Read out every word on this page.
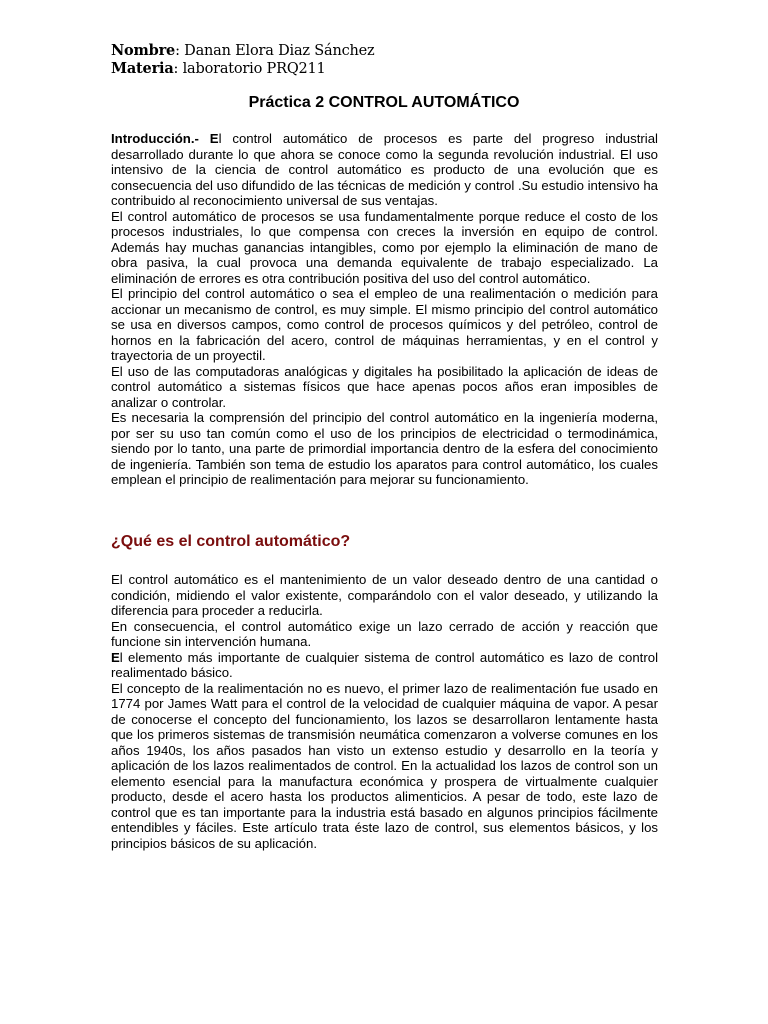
Nombre: Danan Elora Diaz Sánchez
Materia: laboratorio PRQ211
Práctica 2 CONTROL AUTOMÁTICO

Introducción.- El control automático de procesos es parte del progreso industrial desarrollado durante lo que ahora se conoce como la segunda revolución industrial. El uso intensivo de la ciencia de control automático es producto de una evolución que es consecuencia del uso difundido de las técnicas de medición y control .Su estudio intensivo ha contribuido al reconocimiento universal de sus ventajas.

El control automático de procesos se usa fundamentalmente porque reduce el costo de los procesos industriales, lo que compensa con creces la inversión en equipo de control. Además hay muchas ganancias intangibles, como por ejemplo la eliminación de mano de obra pasiva, la cual provoca una demanda equivalente de trabajo especializado. La eliminación de errores es otra contribución positiva del uso del control automático.

El principio del control automático o sea el empleo de una realimentación o medición para accionar un mecanismo de control, es muy simple. El mismo principio del control automático se usa en diversos campos, como control de procesos químicos y del petróleo, control de hornos en la fabricación del acero, control de máquinas herramientas, y en el control y trayectoria de un proyectil.

El uso de las computadoras analógicas y digitales ha posibilitado la aplicación de ideas de control automático a sistemas físicos que hace apenas pocos años eran imposibles de analizar o controlar.

Es necesaria la comprensión del principio del control automático en la ingeniería moderna, por ser su uso tan común como el uso de los principios de electricidad o termodinámica, siendo por lo tanto, una parte de primordial importancia dentro de la esfera del conocimiento de ingeniería. También son tema de estudio los aparatos para control automático, los cuales emplean el principio de realimentación para mejorar su funcionamiento.

¿Qué es el control automático?

El control automático es el mantenimiento de un valor deseado dentro de una cantidad o condición, midiendo el valor existente, comparándolo con el valor deseado, y utilizando la diferencia para proceder a reducirla.

En consecuencia, el control automático exige un lazo cerrado de acción y reacción que funcione sin intervención humana.

El elemento más importante de cualquier sistema de control automático es lazo de control realimentado básico.

El concepto de la realimentación no es nuevo, el primer lazo de realimentación fue usado en 1774 por James Watt para el control de la velocidad de cualquier máquina de vapor. A pesar de conocerse el concepto del funcionamiento, los lazos se desarrollaron lentamente hasta que los primeros sistemas de transmisión neumática comenzaron a volverse comunes en los años 1940s, los años pasados han visto un extenso estudio y desarrollo en la teoría y aplicación de los lazos realimentados de control. En la actualidad los lazos de control son un elemento esencial para la manufactura económica y prospera de virtualmente cualquier producto, desde el acero hasta los productos alimenticios. A pesar de todo, este lazo de control que es tan importante para la industria está basado en algunos principios fácilmente entendibles y fáciles. Este artículo trata éste lazo de control, sus elementos básicos, y los principios básicos de su aplicación.
